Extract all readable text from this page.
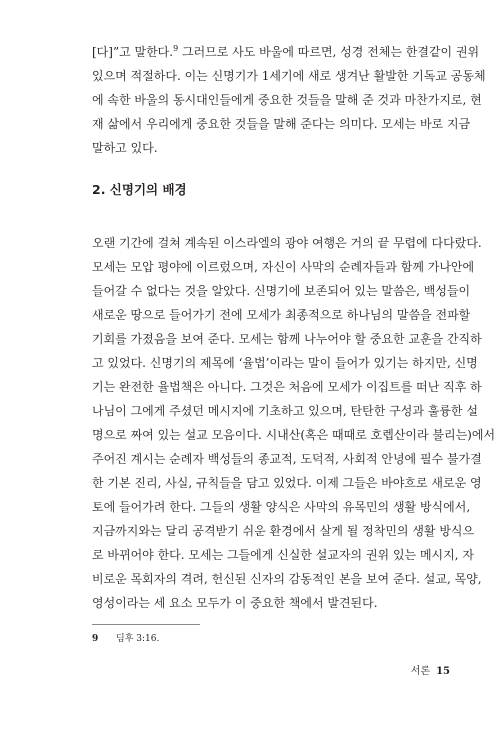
[다]”고 말한다.$^9$ 그러므로 사도 바울에 따르면, 성경 전체는 한결같이 권위
있으며 적절하다. 이는 신명기가 1세기에 새로 생겨난 활발한 기독교 공동체
에 속한 바울의 동시대인들에게 중요한 것들을 말해 준 것과 마찬가지로, 현
재 삶에서 우리에게 중요한 것들을 말해 준다는 의미다. 모세는 바로 지금
말하고 있다.
2. 신명기의 배경
오랜 기간에 걸쳐 계속된 이스라엘의 광야 여행은 거의 끝 무렵에 다다랐다.
모세는 모압 평야에 이르렀으며, 자신이 사막의 순례자들과 함께 가나안에
들어갈 수 없다는 것을 알았다. 신명기에 보존되어 있는 말씀은, 백성들이
새로운 땅으로 들어가기 전에 모세가 최종적으로 하나님의 말씀을 전파할
기회를 가졌음을 보여 준다. 모세는 함께 나누어야 할 중요한 교훈을 간직하
고 있었다. 신명기의 제목에 ‘율법’이라는 말이 들어가 있기는 하지만, 신명
기는 완전한 율법책은 아니다. 그것은 처음에 모세가 이집트를 떠난 직후 하
나님이 그에게 주셨던 메시지에 기초하고 있으며, 탄탄한 구성과 훌륭한 설
명으로 짜여 있는 설교 모음이다. 시내산(혹은 때때로 호렙산이라 불리는)에서
주어진 계시는 순례자 백성들의 종교적, 도덕적, 사회적 안녕에 필수 불가결
한 기본 진리, 사실, 규칙들을 담고 있었다. 이제 그들은 바야흐로 새로운 영
토에 들어가려 한다. 그들의 생활 양식은 사막의 유목민의 생활 방식에서,
지금까지와는 달리 공격받기 쉬운 환경에서 살게 될 정착민의 생활 방식으
로 바뀌어야 한다. 모세는 그들에게 신실한 설교자의 권위 있는 메시지, 자
비로운 목회자의 격려, 헌신된 신자의 감동적인 본을 보여 준다. 설교, 목양,
영성이라는 세 요소 모두가 이 중요한 책에서 발견된다.
9 딤후 3:16.
서론 15
